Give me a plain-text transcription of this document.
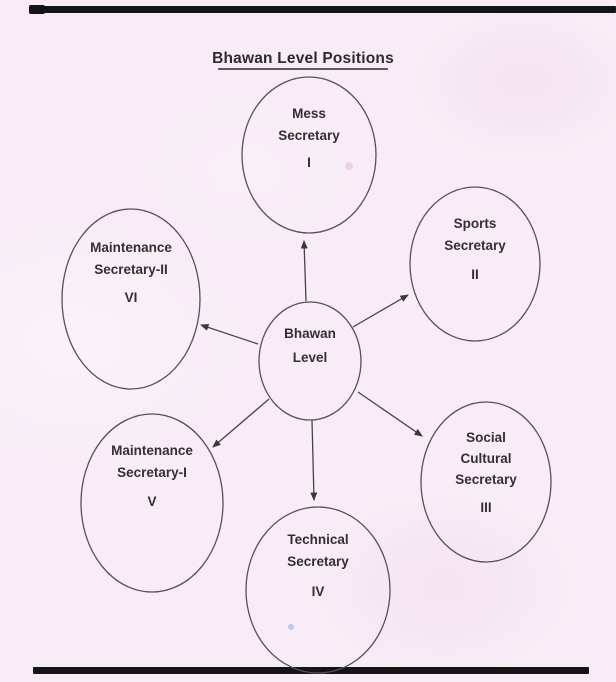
Bhawan Level Positions
Bhawan
Level
Mess
Secretary
I
Sports
Secretary
II
Maintenance
Secretary-II
VI
Social
Cultural
Secretary
III
Maintenance
Secretary-I
V
Technical
Secretary
IV
